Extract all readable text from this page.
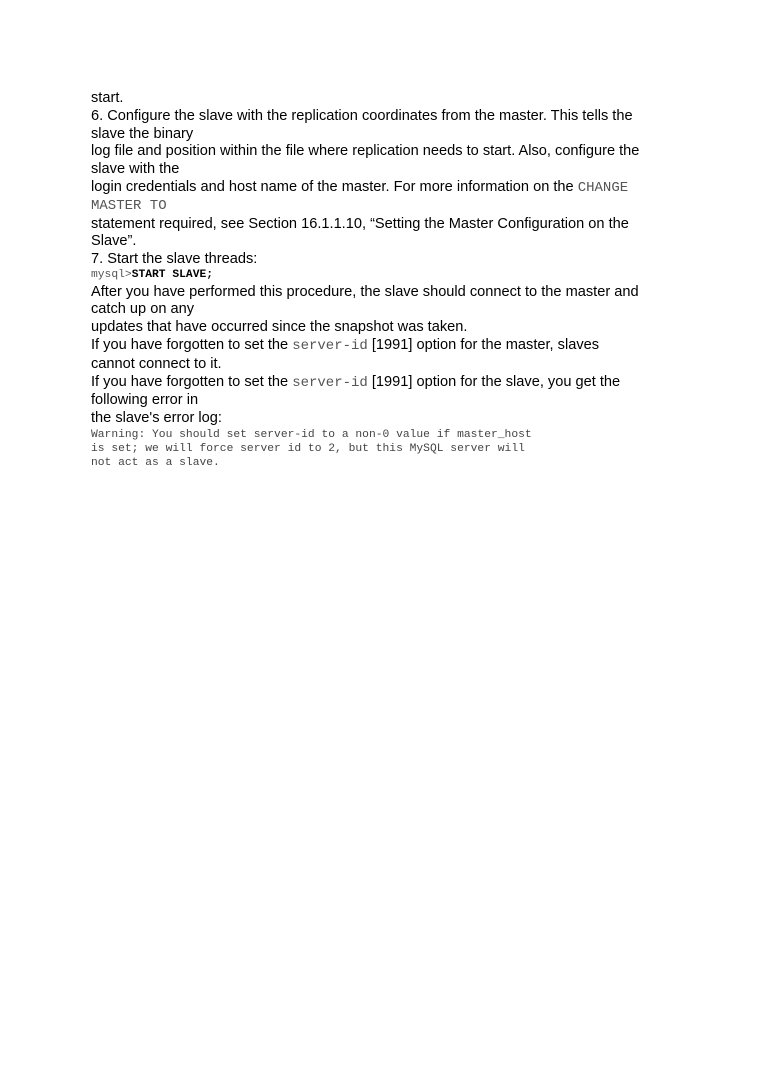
start.
6. Configure the slave with the replication coordinates from the master. This tells the
slave the binary
log file and position within the file where replication needs to start. Also, configure the
slave with the
login credentials and host name of the master. For more information on the CHANGE
MASTER TO
statement required, see Section 16.1.1.10, “Setting the Master Configuration on the
Slave”.
7. Start the slave threads:
mysql>START SLAVE;
After you have performed this procedure, the slave should connect to the master and
catch up on any
updates that have occurred since the snapshot was taken.
If you have forgotten to set the server-id [1991] option for the master, slaves
cannot connect to it.
If you have forgotten to set the server-id [1991] option for the slave, you get the
following error in
the slave's error log:
Warning: You should set server-id to a non-0 value if master_host
is set; we will force server id to 2, but this MySQL server will
not act as a slave.
